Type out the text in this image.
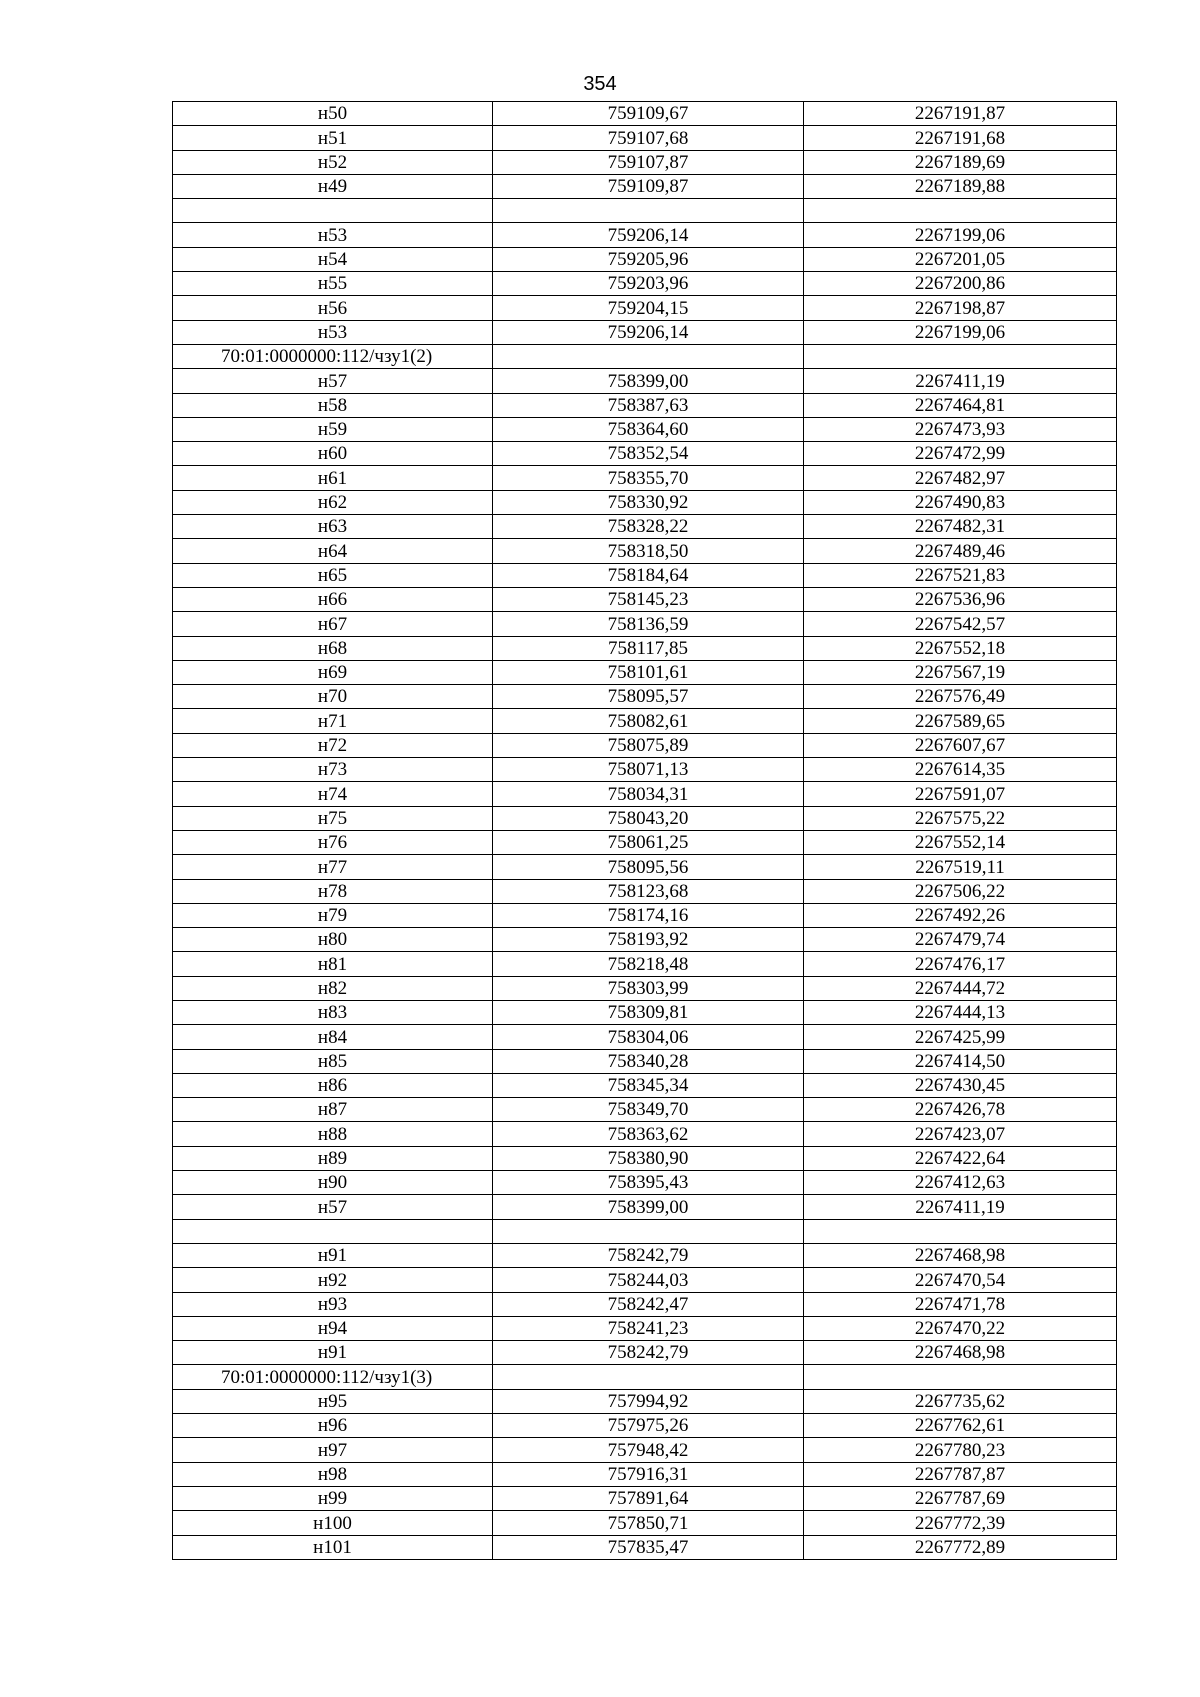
354
н50	759109,67	2267191,87
н51	759107,68	2267191,68
н52	759107,87	2267189,69
н49	759109,87	2267189,88

н53	759206,14	2267199,06
н54	759205,96	2267201,05
н55	759203,96	2267200,86
н56	759204,15	2267198,87
н53	759206,14	2267199,06
70:01:0000000:112/чзу1(2)		
н57	758399,00	2267411,19
н58	758387,63	2267464,81
н59	758364,60	2267473,93
н60	758352,54	2267472,99
н61	758355,70	2267482,97
н62	758330,92	2267490,83
н63	758328,22	2267482,31
н64	758318,50	2267489,46
н65	758184,64	2267521,83
н66	758145,23	2267536,96
н67	758136,59	2267542,57
н68	758117,85	2267552,18
н69	758101,61	2267567,19
н70	758095,57	2267576,49
н71	758082,61	2267589,65
н72	758075,89	2267607,67
н73	758071,13	2267614,35
н74	758034,31	2267591,07
н75	758043,20	2267575,22
н76	758061,25	2267552,14
н77	758095,56	2267519,11
н78	758123,68	2267506,22
н79	758174,16	2267492,26
н80	758193,92	2267479,74
н81	758218,48	2267476,17
н82	758303,99	2267444,72
н83	758309,81	2267444,13
н84	758304,06	2267425,99
н85	758340,28	2267414,50
н86	758345,34	2267430,45
н87	758349,70	2267426,78
н88	758363,62	2267423,07
н89	758380,90	2267422,64
н90	758395,43	2267412,63
н57	758399,00	2267411,19

н91	758242,79	2267468,98
н92	758244,03	2267470,54
н93	758242,47	2267471,78
н94	758241,23	2267470,22
н91	758242,79	2267468,98
70:01:0000000:112/чзу1(3)		
н95	757994,92	2267735,62
н96	757975,26	2267762,61
н97	757948,42	2267780,23
н98	757916,31	2267787,87
н99	757891,64	2267787,69
н100	757850,71	2267772,39
н101	757835,47	2267772,89
